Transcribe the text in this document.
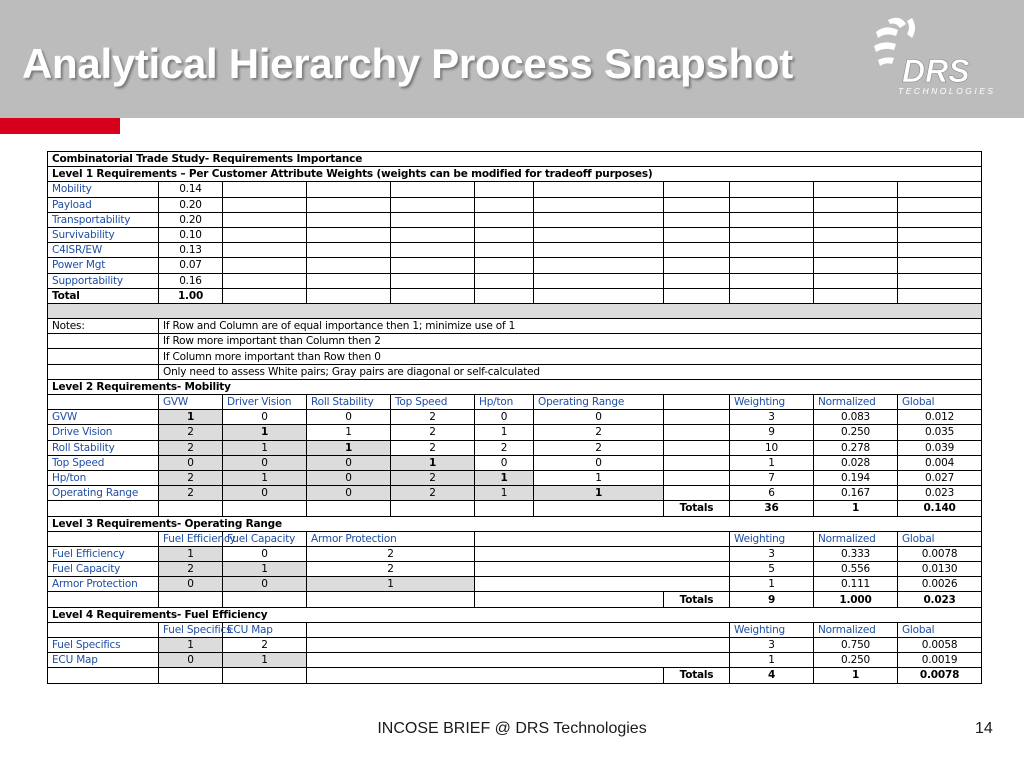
Analytical Hierarchy Process Snapshot	DRS
TECHNOLOGIES
Combinatorial Trade Study- Requirements Importance										
Level 1 Requirements – Per Customer Attribute Weights (weights can be modified for tradeoff purposes)										
Mobility	0.14									
Payload	0.20									
Transportability	0.20									
Survivability	0.10									
C4ISR/EW	0.13									
Power Mgt	0.07									
Supportability	0.16									
Total	1.00									

Notes:	If Row and Column are of equal importance then 1; minimize use of 1									
	If Row more important than Column then 2									
	If Column more important than Row then 0									
	Only need to assess White pairs; Gray pairs are diagonal or self-calculated									
Level 2 Requirements- Mobility										
	GVW	Driver Vision	Roll Stability	Top Speed	Hp/ton	Operating Range		Weighting	Normalized	Global
GVW	1	0	0	2	0	0		3	0.083	0.012
Drive Vision	2	1	1	2	1	2		9	0.250	0.035
Roll Stability	2	1	1	2	2	2		10	0.278	0.039
Top Speed	0	0	0	1	0	0		1	0.028	0.004
Hp/ton	2	1	0	2	1	1		7	0.194	0.027
Operating Range	2	0	0	2	1	1		6	0.167	0.023
							Totals	36	1	0.140
Level 3 Requirements- Operating Range										
	Fuel Efficiency	Fuel Capacity	Armor Protection					Weighting	Normalized	Global
Fuel Efficiency	1	0	2					3	0.333	0.0078
Fuel Capacity	2	1	2					5	0.556	0.0130
Armor Protection	0	0	1					1	0.111	0.0026
							Totals	9	1.000	0.023
Level 4 Requirements- Fuel Efficiency										
	Fuel Specifics	ECU Map						Weighting	Normalized	Global
Fuel Specifics	1	2						3	0.750	0.0058
ECU Map	0	1						1	0.250	0.0019
							Totals	4	1	0.0078
INCOSE BRIEF @ DRS Technologies	14
